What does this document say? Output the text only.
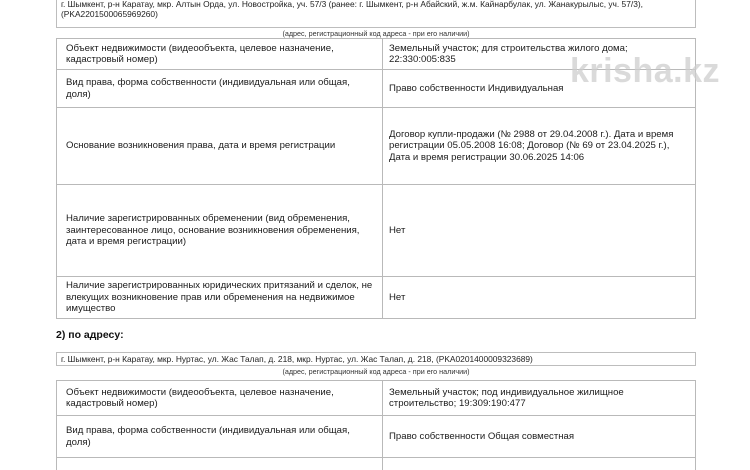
г. Шымкент, р-н Каратау, мкр. Алтын Орда, ул. Новостройка, уч. 57/3 (ранее: г. Шымкент, р-н Абайский, ж.м. Кайнарбулак, ул. Жанакурылыс, уч. 57/3), (PKA2201500065969260)
(адрес, регистрационный код адреса - при его наличии)
Объект недвижимости (видеообъекта, целевое назначение, кадастровый номер)	Земельный участок; для строительства жилого дома; 22:330:005:835
Вид права, форма собственности (индивидуальная или общая, доля)	Право собственности Индивидуальная
Основание возникновения права, дата и время регистрации	Договор купли-продажи (№ 2988 от 29.04.2008 г.). Дата и время регистрации 05.05.2008 16:08; Договор (№ 69 от 23.04.2025 г.), Дата и время регистрации 30.06.2025 14:06
Наличие зарегистрированных обременении (вид обременения, заинтересованное лицо, основание возникновения обременения, дата и время регистрации)	Нет
Наличие зарегистрированных юридических притязаний и сделок, не влекущих возникновение прав или обременения на недвижимое имущество	Нет
2) по адресу:
г. Шымкент, р-н Каратау, мкр. Нуртас, ул. Жас Талап, д. 218, мкр. Нуртас, ул. Жас Талап, д. 218, (PKA0201400009323689)
(адрес, регистрационный код адреса - при его наличии)
Объект недвижимости (видеообъекта, целевое назначение, кадастровый номер)	Земельный участок; под индивидуальное жилищное строительство; 19:309:190:477
Вид права, форма собственности (индивидуальная или общая, доля)	Право собственности Общая совместная

krisha.kz
